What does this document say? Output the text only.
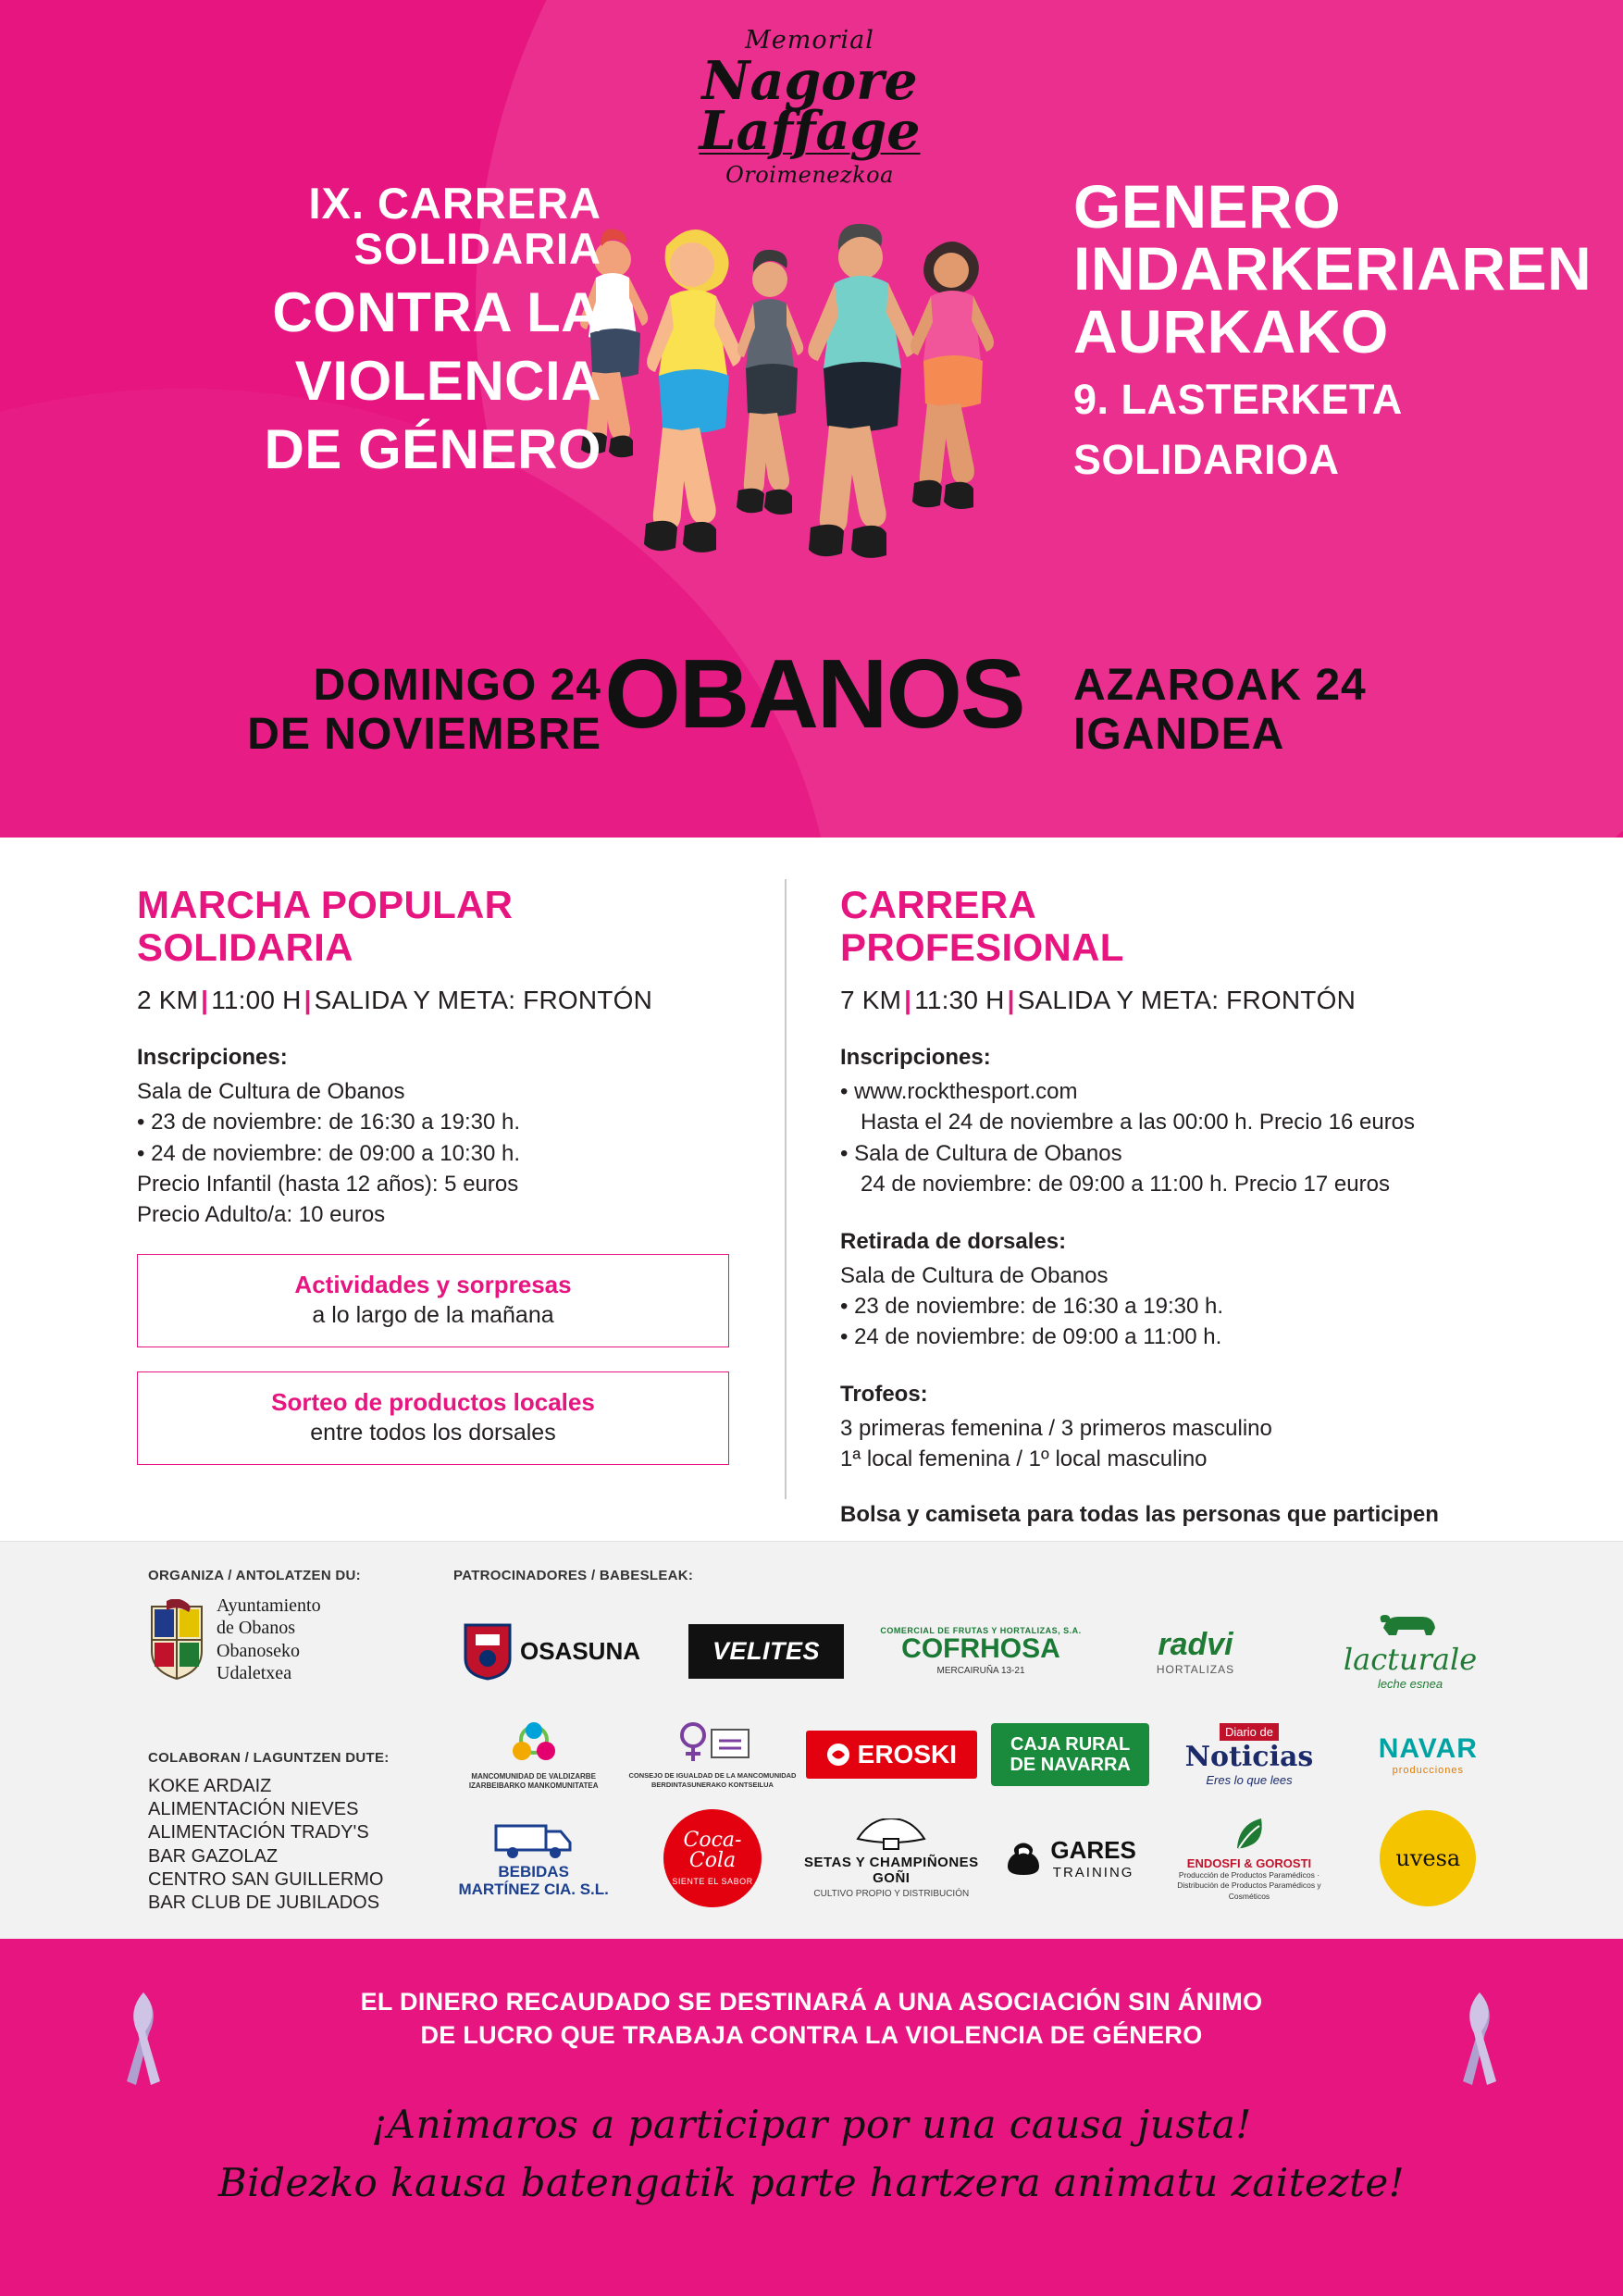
Memorial
Nagore
Laffage
Oroimenezkoa
IX. CARRERA
SOLIDARIA
CONTRA LA
VIOLENCIA
DE GÉNERO
GENERO
INDARKERIAREN
AURKAKO
9. LASTERKETA
SOLIDARIOA
DOMINGO 24
DE NOVIEMBRE OBANOS	AZAROAK 24
IGANDEA
MARCHA POPULAR
SOLIDARIA
2 KM | 11:00 H | SALIDA Y META: FRONTÓN
Inscripciones:

Sala de Cultura de Obanos

• 23 de noviembre: de 16:30 a 19:30 h.

• 24 de noviembre: de 09:00 a 10:30 h.

Precio Infantil (hasta 12 años): 5 euros

Precio Adulto/a: 10 euros

Actividades y sorpresas
a lo largo de la mañana
Sorteo de productos locales
entre todos los dorsales
CARRERA
PROFESIONAL
7 KM | 11:30 H | SALIDA Y META: FRONTÓN
Inscripciones:

• www.rockthesport.com

Hasta el 24 de noviembre a las 00:00 h. Precio 16 euros

• Sala de Cultura de Obanos

24 de noviembre: de 09:00 a 11:00 h. Precio 17 euros

Retirada de dorsales:

Sala de Cultura de Obanos

• 23 de noviembre: de 16:30 a 19:30 h.

• 24 de noviembre: de 09:00 a 11:00 h.

Trofeos:

3 primeras femenina / 3 primeros masculino

1ª local femenina / 1º local masculino

Bolsa y camiseta para todas las personas que participen
ORGANIZA / ANTOLATZEN DU:
Ayuntamiento
de Obanos
Obanoseko
Udaletxea
PATROCINADORES / BABESLEAK:
COLABORAN / LAGUNTZEN DUTE:
KOKE ARDAIZ
ALIMENTACIÓN NIEVES
ALIMENTACIÓN TRADY'S
BAR GAZOLAZ
CENTRO SAN GUILLERMO
BAR CLUB DE JUBILADOS
OSASUNA	VELITES
COMERCIAL DE FRUTAS Y HORTALIZAS, S.A.
COFRHOSA
MERCAIRUÑA 13-21
radvi
HORTALIZAS	lacturale
leche esnea
MANCOMUNIDAD DE VALDIZARBE
IZARBEIBARKO MANKOMUNITATEA
CONSEJO DE IGUALDAD DE LA MANCOMUNIDAD
BERDINTASUNERAKO KONTSEILUA
EROSKI	CAJA RURAL
DE NAVARRA
Diario de
Noticias
Eres lo que lees
NAVAR
producciones
BEBIDAS
MARTÍNEZ CIA. S.L.
Coca-Cola
SIENTE EL SABOR
SETAS Y CHAMPIÑONES GOÑI
CULTIVO PROPIO Y DISTRIBUCIÓN
GARES
TRAINING
ENDOSFI & GOROSTI
Producción de Productos Paramédicos · Distribución de Productos Paramédicos y Cosméticos
uvesa
EL DINERO RECAUDADO SE DESTINARÁ A UNA ASOCIACIÓN SIN ÁNIMO
DE LUCRO QUE TRABAJA CONTRA LA VIOLENCIA DE GÉNERO
¡Animaros a participar por una causa justa!
Bidezko kausa batengatik parte hartzera animatu zaitezte!
